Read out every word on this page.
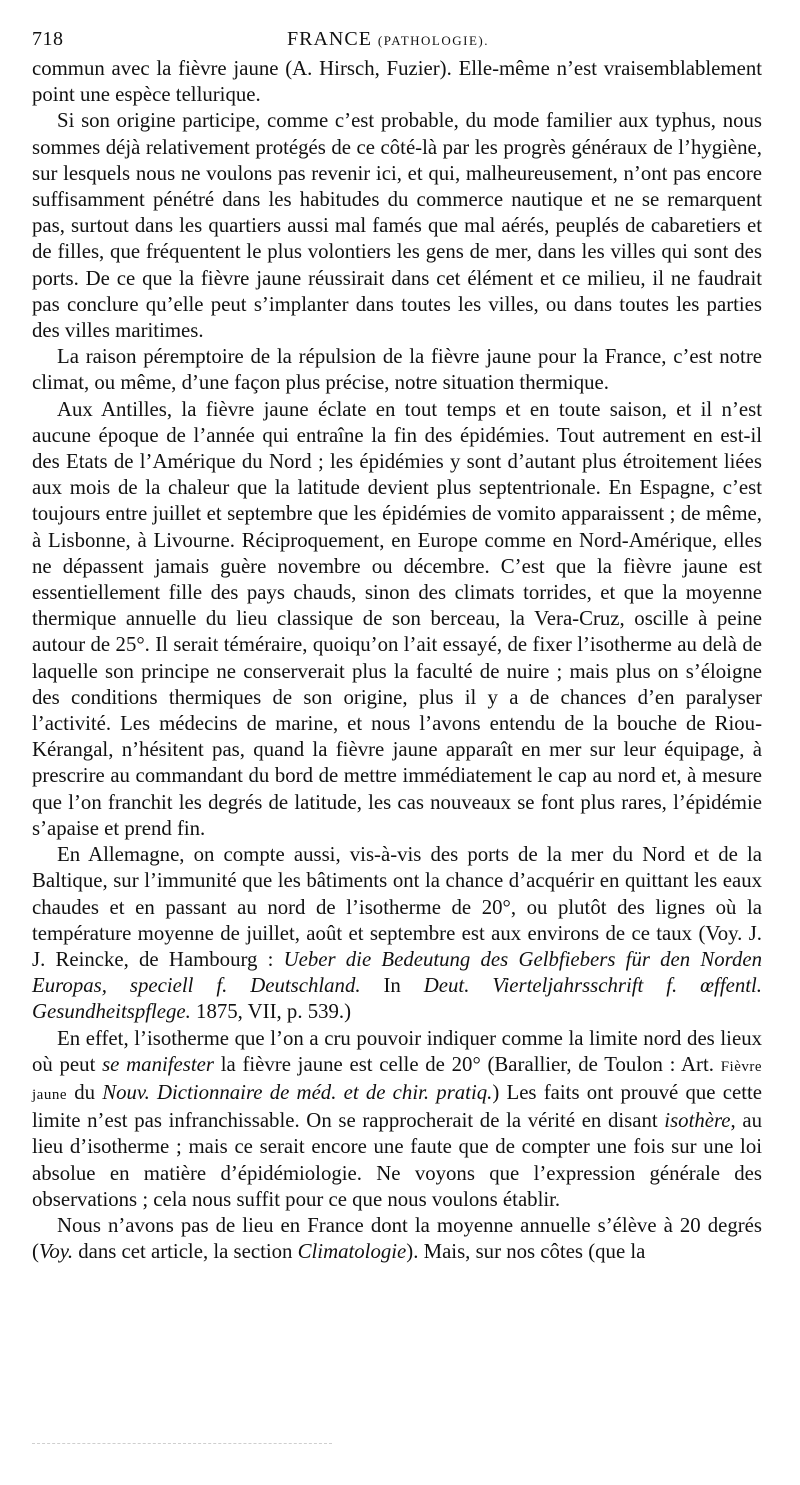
718	FRANCE (PATHOLOGIE).

commun avec la fièvre jaune (A. Hirsch, Fuzier). Elle-même n’est vraisemblablement point une espèce tellurique.

Si son origine participe, comme c’est probable, du mode familier aux typhus, nous sommes déjà relativement protégés de ce côté-là par les progrès généraux de l’hygiène, sur lesquels nous ne voulons pas revenir ici, et qui, malheureusement, n’ont pas encore suffisamment pénétré dans les habitudes du commerce nautique et ne se remarquent pas, surtout dans les quartiers aussi mal famés que mal aérés, peuplés de cabaretiers et de filles, que fréquentent le plus volontiers les gens de mer, dans les villes qui sont des ports. De ce que la fièvre jaune réussirait dans cet élément et ce milieu, il ne faudrait pas conclure qu’elle peut s’implanter dans toutes les villes, ou dans toutes les parties des villes maritimes.

La raison péremptoire de la répulsion de la fièvre jaune pour la France, c’est notre climat, ou même, d’une façon plus précise, notre situation thermique.

Aux Antilles, la fièvre jaune éclate en tout temps et en toute saison, et il n’est aucune époque de l’année qui entraîne la fin des épidémies. Tout autrement en est-il des Etats de l’Amérique du Nord ; les épidémies y sont d’autant plus étroitement liées aux mois de la chaleur que la latitude devient plus septentrionale. En Espagne, c’est toujours entre juillet et septembre que les épidémies de vomito apparaissent ; de même, à Lisbonne, à Livourne. Réciproquement, en Europe comme en Nord-Amérique, elles ne dépassent jamais guère novembre ou décembre. C’est que la fièvre jaune est essentiellement fille des pays chauds, sinon des climats torrides, et que la moyenne thermique annuelle du lieu classique de son berceau, la Vera-Cruz, oscille à peine autour de 25°. Il serait téméraire, quoiqu’on l’ait essayé, de fixer l’isotherme au delà de laquelle son principe ne conserverait plus la faculté de nuire ; mais plus on s’éloigne des conditions thermiques de son origine, plus il y a de chances d’en paralyser l’activité. Les médecins de marine, et nous l’avons entendu de la bouche de Riou-Kérangal, n’hésitent pas, quand la fièvre jaune apparaît en mer sur leur équipage, à prescrire au commandant du bord de mettre immédiatement le cap au nord et, à mesure que l’on franchit les degrés de latitude, les cas nouveaux se font plus rares, l’épidémie s’apaise et prend fin.

En Allemagne, on compte aussi, vis-à-vis des ports de la mer du Nord et de la Baltique, sur l’immunité que les bâtiments ont la chance d’acquérir en quittant les eaux chaudes et en passant au nord de l’isotherme de 20°, ou plutôt des lignes où la température moyenne de juillet, août et septembre est aux environs de ce taux (Voy. J. J. Reincke, de Hambourg : Ueber die Bedeutung des Gelbfiebers für den Norden Europas, speciell f. Deutschland. In Deut. Vierteljahrsschrift f. œffentl. Gesundheitspflege. 1875, VII, p. 539.)

En effet, l’isotherme que l’on a cru pouvoir indiquer comme la limite nord des lieux où peut se manifester la fièvre jaune est celle de 20° (Barallier, de Toulon : Art. Fièvre jaune du Nouv. Dictionnaire de méd. et de chir. pratiq.) Les faits ont prouvé que cette limite n’est pas infranchissable. On se rapprocherait de la vérité en disant isothère, au lieu d’isotherme ; mais ce serait encore une faute que de compter une fois sur une loi absolue en matière d’épidémiologie. Ne voyons que l’expression générale des observations ; cela nous suffit pour ce que nous voulons établir.

Nous n’avons pas de lieu en France dont la moyenne annuelle s’élève à 20 degrés (Voy. dans cet article, la section Climatologie). Mais, sur nos côtes (que la
